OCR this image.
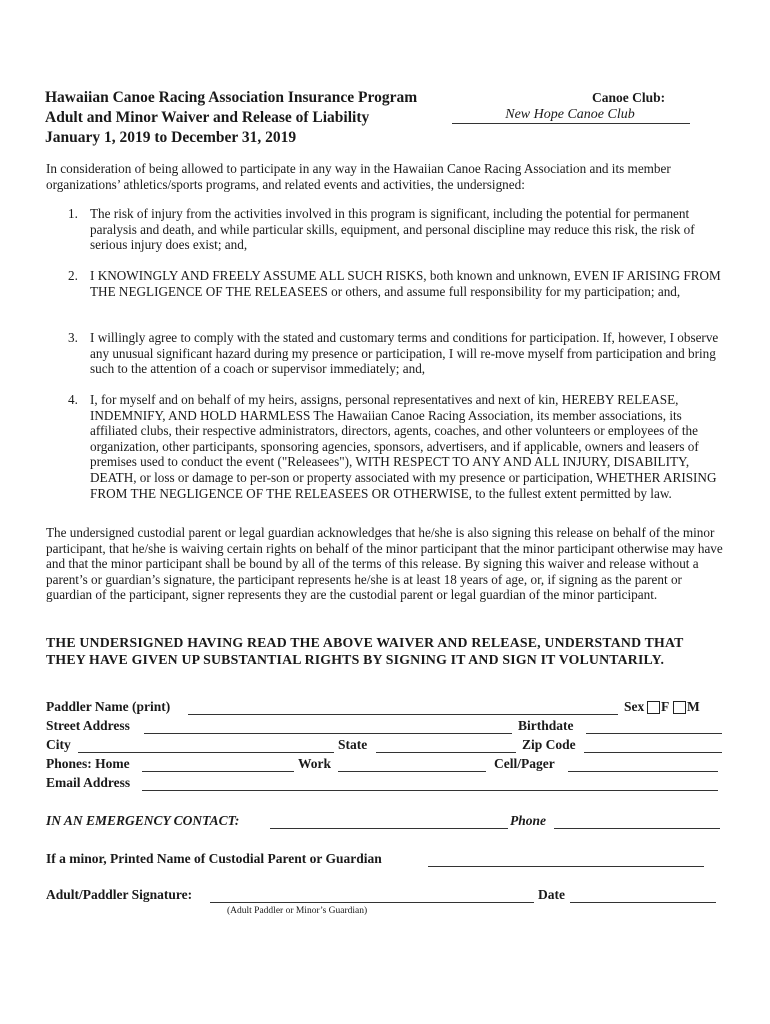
Hawaiian Canoe Racing Association Insurance Program
Adult and Minor Waiver and Release of Liability
January 1, 2019 to December 31, 2019
Canoe Club:
New Hope Canoe Club

In consideration of being allowed to participate in any way in the Hawaiian Canoe Racing Association and its member organizations’ athletics/sports programs, and related events and activities, the undersigned:

1. The risk of injury from the activities involved in this program is significant, including the potential for permanent paralysis and death, and while particular skills, equipment, and personal discipline may reduce this risk, the risk of serious injury does exist; and,
2. I KNOWINGLY AND FREELY ASSUME ALL SUCH RISKS, both known and unknown, EVEN IF ARISING FROM THE NEGLIGENCE OF THE RELEASEES or others, and assume full responsibility for my participation; and,
3. I willingly agree to comply with the stated and customary terms and conditions for participation. If, however, I observe any unusual significant hazard during my presence or participation, I will re-move myself from participation and bring such to the attention of a coach or supervisor immediately; and,
4. I, for myself and on behalf of my heirs, assigns, personal representatives and next of kin, HEREBY RELEASE, INDEMNIFY, AND HOLD HARMLESS The Hawaiian Canoe Racing Association, its member associations, its affiliated clubs, their respective administrators, directors, agents, coaches, and other volunteers or employees of the organization, other participants, sponsoring agencies, sponsors, advertisers, and if applicable, owners and leasers of premises used to conduct the event ("Releasees"), WITH RESPECT TO ANY AND ALL INJURY, DISABILITY, DEATH, or loss or damage to per-son or property associated with my presence or participation, WHETHER ARISING FROM THE NEGLIGENCE OF THE RELEASEES OR OTHERWISE, to the fullest extent permitted by law.

The undersigned custodial parent or legal guardian acknowledges that he/she is also signing this release on behalf of the minor participant, that he/she is waiving certain rights on behalf of the minor participant that the minor participant otherwise may have and that the minor participant shall be bound by all of the terms of this release. By signing this waiver and release without a parent’s or guardian’s signature, the participant represents he/she is at least 18 years of age, or, if signing as the parent or guardian of the participant, signer represents they are the custodial parent or legal guardian of the minor participant.

THE UNDERSIGNED HAVING READ THE ABOVE WAIVER AND RELEASE, UNDERSTAND THAT THEY HAVE GIVEN UP SUBSTANTIAL RIGHTS BY SIGNING IT AND SIGN IT VOLUNTARILY.

Paddler Name (print)	Sex F M
Street Address	Birthdate
City	State	Zip Code
Phones: Home	Work	Cell/Pager
Email Address
IN AN EMERGENCY CONTACT:	Phone
If a minor, Printed Name of Custodial Parent or Guardian
Adult/Paddler Signature:	Date
(Adult Paddler or Minor’s Guardian)
